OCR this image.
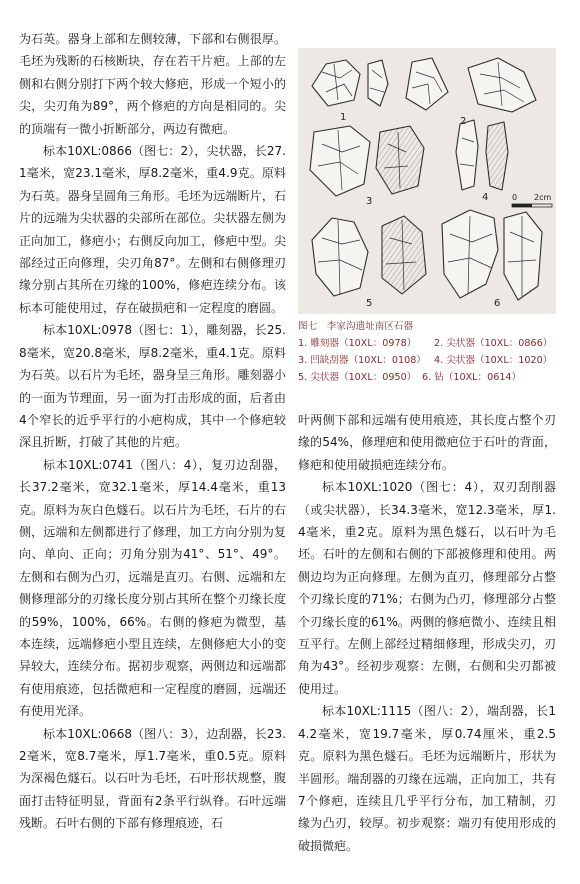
为石英。器身上部和左侧较薄，下部和右侧很厚。毛坯为残断的石核断块，存在若干片疤。上部的左侧和右侧分别打下两个较大修疤，形成一个短小的尖，尖刃角为89°，两个修疤的方向是相同的。尖的顶端有一微小折断部分，两边有微疤。

标本10XL:0866（图七：2），尖状器，长27.1毫米，宽23.1毫米，厚8.2毫米，重4.9克。原料为石英。器身呈圆角三角形。毛坯为远端断片，石片的远端为尖状器的尖部所在部位。尖状器左侧为正向加工，修疤小；右侧反向加工，修疤中型。尖部经过正向修理，尖刃角87°。左侧和右侧修理刃缘分别占其所在刃缘的100%，修疤连续分布。该标本可能使用过，存在破损疤和一定程度的磨圆。

标本10XL:0978（图七：1），雕刻器，长25.8毫米，宽20.8毫米，厚8.2毫米，重4.1克。原料为石英。以石片为毛坯，器身呈三角形。雕刻器小的一面为节理面，另一面为打击形成的面，后者由4个窄长的近乎平行的小疤构成，其中一个修疤较深且折断，打破了其他的片疤。

标本10XL:0741（图八：4），复刃边刮器，长37.2毫米，宽32.1毫米，厚14.4毫米，重13克。原料为灰白色燧石。以石片为毛坯，石片的右侧，远端和左侧都进行了修理，加工方向分别为复向、单向、正向；刃角分别为41°、51°、49°。左侧和右侧为凸刃，远端是直刃。右侧、远端和左侧修理部分的刃缘长度分别占其所在整个刃缘长度的59%，100%，66%。右侧的修疤为微型，基本连续，远端修疤小型且连续，左侧修疤大小的变异较大，连续分布。据初步观察，两侧边和远端都有使用痕迹，包括微疤和一定程度的磨圆，远端还有使用光泽。

标本10XL:0668（图八：3），边刮器，长23.2毫米，宽8.7毫米，厚1.7毫米，重0.5克。原料为深褐色燧石。以石叶为毛坯，石叶形状规整，腹面打击特征明显，背面有2条平行纵脊。石叶远端残断。石叶右侧的下部有修理痕迹，石

0 2cm
1	2
3	4
5	6
图七　李家沟遗址南区石器
1. 雕刻器（10XL：0978） 2. 尖状器（10XL：0866）
3. 凹缺刮器（10XL：0108） 4. 尖状器（10XL：1020）
5. 尖状器（10XL：0950） 6. 钻（10XL：0614）

叶两侧下部和远端有使用痕迹，其长度占整个刃缘的54%，修理疤和使用微疤位于石叶的背面，修疤和使用破损疤连续分布。

标本10XL:1020（图七：4），双刃刮削器（或尖状器），长34.3毫米，宽12.3毫米，厚1.4毫米，重2克。原料为黑色燧石，以石叶为毛坯。石叶的左侧和右侧的下部被修理和使用。两侧边均为正向修理。左侧为直刃，修理部分占整个刃缘长度的71%；右侧为凸刃，修理部分占整个刃缘长度的61%。两侧的修疤微小、连续且相互平行。左侧上部经过精细修理，形成尖刃，刃角为43°。经初步观察：左侧，右侧和尖刃都被使用过。

标本10XL:1115（图八：2），端刮器，长14.2毫米，宽19.7毫米，厚0.74厘米，重2.5克。原料为黑色燧石。毛坯为远端断片，形状为半圆形。端刮器的刃缘在远端，正向加工，共有7个修疤，连续且几乎平行分布，加工精制，刃缘为凸刃，较厚。初步观察：端刃有使用形成的破损微疤。
